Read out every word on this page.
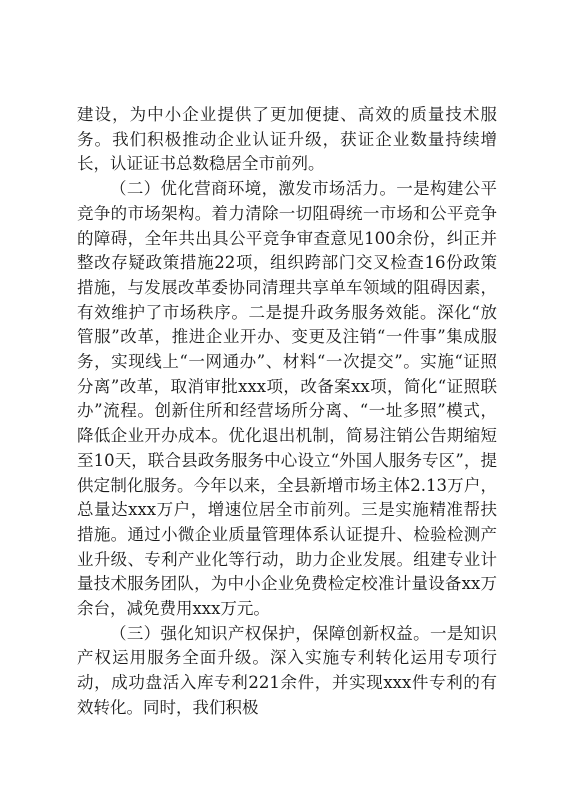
建设，为中小企业提供了更加便捷、高效的质量技术服务。我们积极推动企业认证升级，获证企业数量持续增长，认证证书总数稳居全市前列。

（二）优化营商环境，激发市场活力。一是构建公平竞争的市场架构。着力清除一切阻碍统一市场和公平竞争的障碍，全年共出具公平竞争审查意见100余份，纠正并整改存疑政策措施22项，组织跨部门交叉检查16份政策措施，与发展改革委协同清理共享单车领域的阻碍因素，有效维护了市场秩序。二是提升政务服务效能。深化“放管服”改革，推进企业开办、变更及注销“一件事”集成服务，实现线上“一网通办”、材料“一次提交”。实施“证照分离”改革，取消审批xxx项，改备案xx项，简化“证照联办”流程。创新住所和经营场所分离、“一址多照”模式，降低企业开办成本。优化退出机制，简易注销公告期缩短至10天，联合县政务服务中心设立“外国人服务专区”，提供定制化服务。今年以来，全县新增市场主体2.13万户，总量达xxx万户，增速位居全市前列。三是实施精准帮扶措施。通过小微企业质量管理体系认证提升、检验检测产业升级、专利产业化等行动，助力企业发展。组建专业计量技术服务团队，为中小企业免费检定校准计量设备xx万余台，减免费用xxx万元。

（三）强化知识产权保护，保障创新权益。一是知识产权运用服务全面升级。深入实施专利转化运用专项行动，成功盘活入库专利221余件，并实现xxx件专利的有效转化。同时，我们积极
